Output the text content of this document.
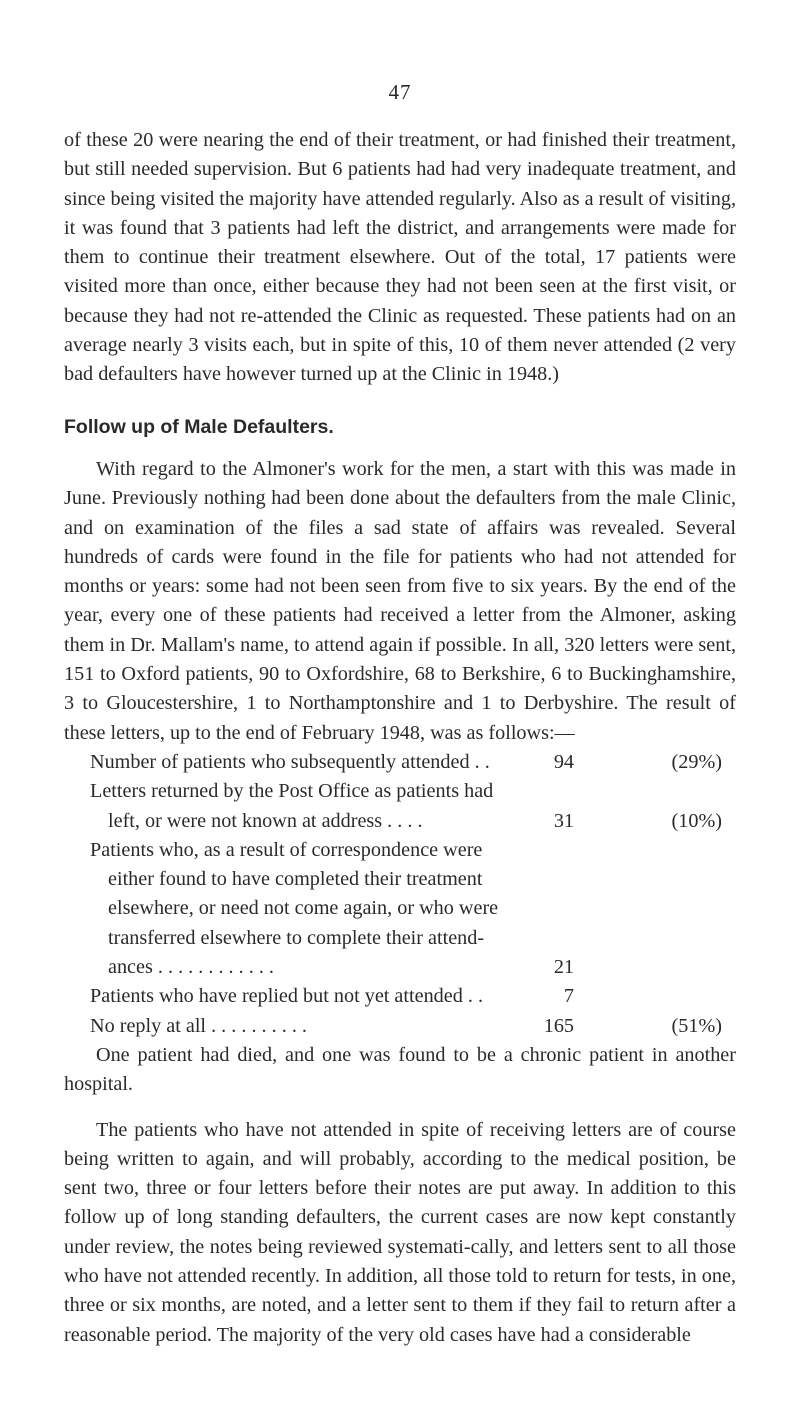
47

of these 20 were nearing the end of their treatment, or had finished their treatment, but still needed supervision. But 6 patients had had very inadequate treatment, and since being visited the majority have attended regularly. Also as a result of visiting, it was found that 3 patients had left the district, and arrangements were made for them to continue their treatment elsewhere. Out of the total, 17 patients were visited more than once, either because they had not been seen at the first visit, or because they had not re-attended the Clinic as requested. These patients had on an average nearly 3 visits each, but in spite of this, 10 of them never attended (2 very bad defaulters have however turned up at the Clinic in 1948.)

Follow up of Male Defaulters.

With regard to the Almoner's work for the men, a start with this was made in June. Previously nothing had been done about the defaulters from the male Clinic, and on examination of the files a sad state of affairs was revealed. Several hundreds of cards were found in the file for patients who had not attended for months or years: some had not been seen from five to six years. By the end of the year, every one of these patients had received a letter from the Almoner, asking them in Dr. Mallam's name, to attend again if possible. In all, 320 letters were sent, 151 to Oxford patients, 90 to Oxfordshire, 68 to Berkshire, 6 to Buckinghamshire, 3 to Gloucestershire, 1 to Northamptonshire and 1 to Derbyshire. The result of these letters, up to the end of February 1948, was as follows:—

Number of patients who subsequently attended . .	94	(29%)

Letters returned by the Post Office as patients had
left, or were not known at address . . . .	31	(10%)

Patients who, as a result of correspondence were
either found to have completed their treatment
elsewhere, or need not come again, or who were
transferred elsewhere to complete their attend-
ances . . . . . . . . . . . .	21	

Patients who have replied but not yet attended . .	7	

No reply at all . . . . . . . . . .	165	(51%)

One patient had died, and one was found to be a chronic patient in another hospital.

The patients who have not attended in spite of receiving letters are of course being written to again, and will probably, according to the medical position, be sent two, three or four letters before their notes are put away. In addition to this follow up of long standing defaulters, the current cases are now kept constantly under review, the notes being reviewed systemati-cally, and letters sent to all those who have not attended recently. In addition, all those told to return for tests, in one, three or six months, are noted, and a letter sent to them if they fail to return after a reasonable period. The majority of the very old cases have had a considerable
